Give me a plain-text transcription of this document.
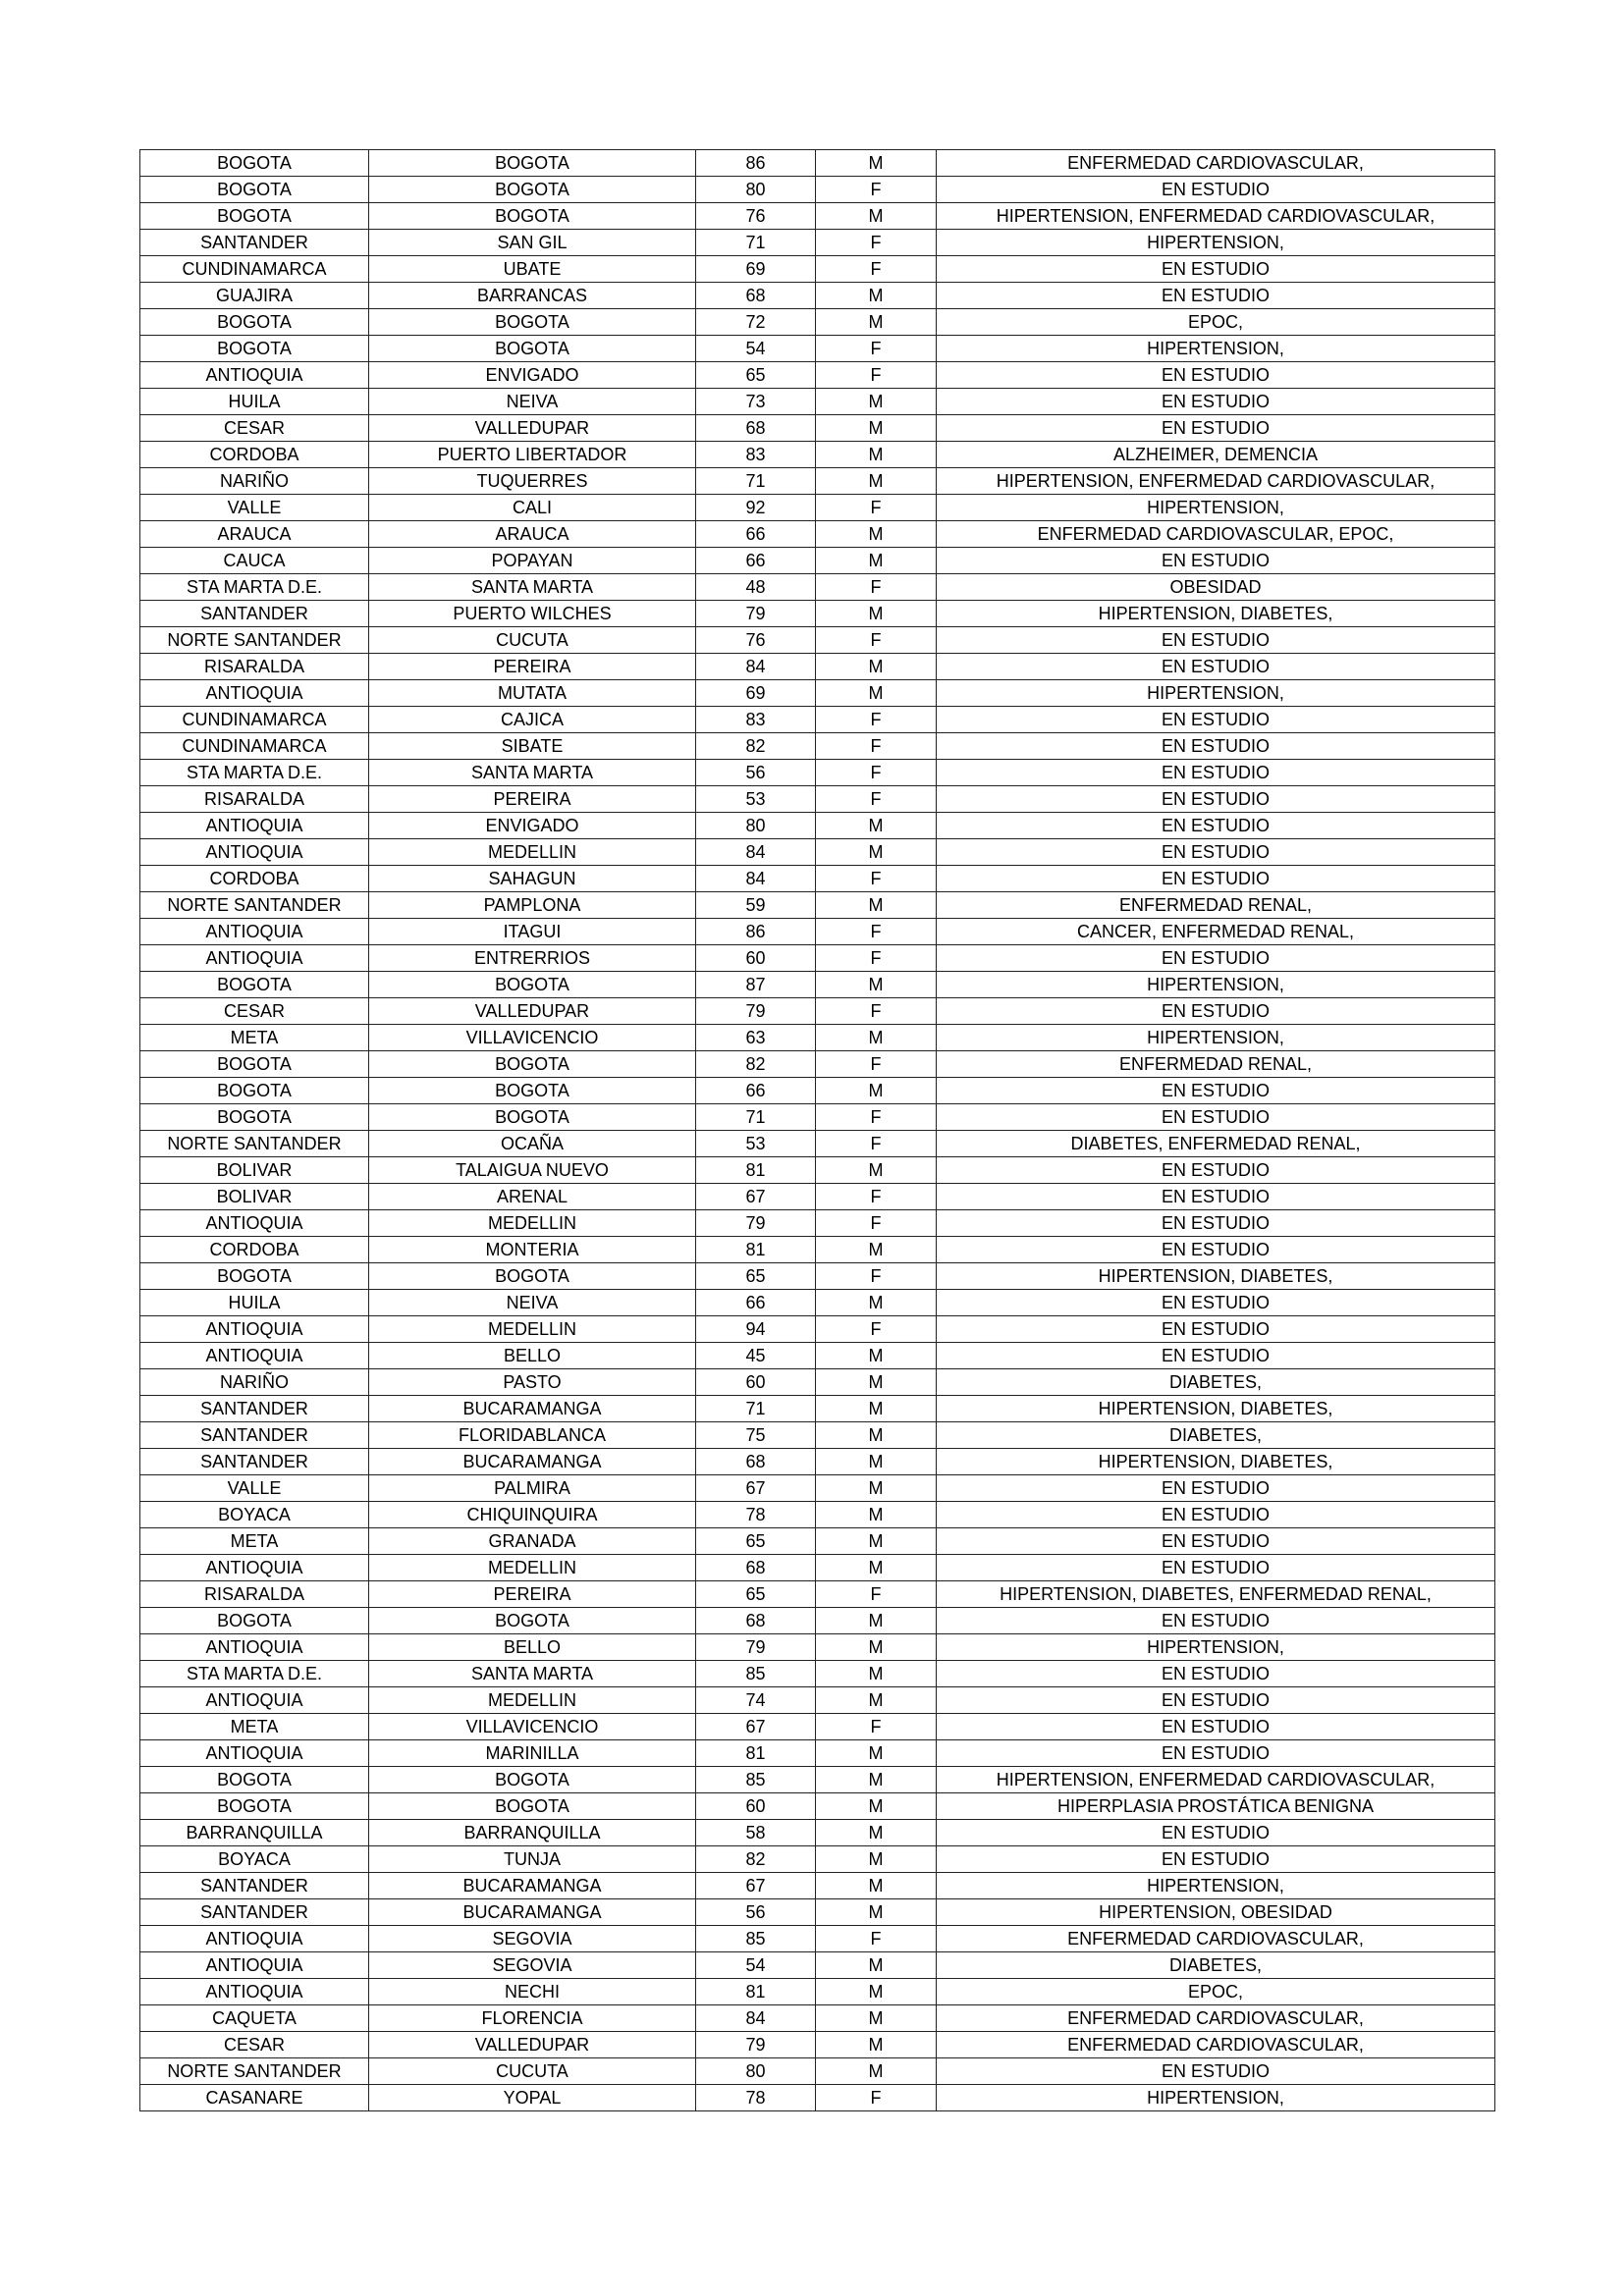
BOGOTA	BOGOTA	86	M	ENFERMEDAD CARDIOVASCULAR,
BOGOTA	BOGOTA	80	F	EN ESTUDIO
BOGOTA	BOGOTA	76	M	HIPERTENSION, ENFERMEDAD CARDIOVASCULAR,
SANTANDER	SAN GIL	71	F	HIPERTENSION,
CUNDINAMARCA	UBATE	69	F	EN ESTUDIO
GUAJIRA	BARRANCAS	68	M	EN ESTUDIO
BOGOTA	BOGOTA	72	M	EPOC,
BOGOTA	BOGOTA	54	F	HIPERTENSION,
ANTIOQUIA	ENVIGADO	65	F	EN ESTUDIO
HUILA	NEIVA	73	M	EN ESTUDIO
CESAR	VALLEDUPAR	68	M	EN ESTUDIO
CORDOBA	PUERTO LIBERTADOR	83	M	ALZHEIMER, DEMENCIA
NARIÑO	TUQUERRES	71	M	HIPERTENSION, ENFERMEDAD CARDIOVASCULAR,
VALLE	CALI	92	F	HIPERTENSION,
ARAUCA	ARAUCA	66	M	ENFERMEDAD CARDIOVASCULAR, EPOC,
CAUCA	POPAYAN	66	M	EN ESTUDIO
STA MARTA D.E.	SANTA MARTA	48	F	OBESIDAD
SANTANDER	PUERTO WILCHES	79	M	HIPERTENSION, DIABETES,
NORTE SANTANDER	CUCUTA	76	F	EN ESTUDIO
RISARALDA	PEREIRA	84	M	EN ESTUDIO
ANTIOQUIA	MUTATA	69	M	HIPERTENSION,
CUNDINAMARCA	CAJICA	83	F	EN ESTUDIO
CUNDINAMARCA	SIBATE	82	F	EN ESTUDIO
STA MARTA D.E.	SANTA MARTA	56	F	EN ESTUDIO
RISARALDA	PEREIRA	53	F	EN ESTUDIO
ANTIOQUIA	ENVIGADO	80	M	EN ESTUDIO
ANTIOQUIA	MEDELLIN	84	M	EN ESTUDIO
CORDOBA	SAHAGUN	84	F	EN ESTUDIO
NORTE SANTANDER	PAMPLONA	59	M	ENFERMEDAD RENAL,
ANTIOQUIA	ITAGUI	86	F	CANCER, ENFERMEDAD RENAL,
ANTIOQUIA	ENTRERRIOS	60	F	EN ESTUDIO
BOGOTA	BOGOTA	87	M	HIPERTENSION,
CESAR	VALLEDUPAR	79	F	EN ESTUDIO
META	VILLAVICENCIO	63	M	HIPERTENSION,
BOGOTA	BOGOTA	82	F	ENFERMEDAD RENAL,
BOGOTA	BOGOTA	66	M	EN ESTUDIO
BOGOTA	BOGOTA	71	F	EN ESTUDIO
NORTE SANTANDER	OCAÑA	53	F	DIABETES, ENFERMEDAD RENAL,
BOLIVAR	TALAIGUA NUEVO	81	M	EN ESTUDIO
BOLIVAR	ARENAL	67	F	EN ESTUDIO
ANTIOQUIA	MEDELLIN	79	F	EN ESTUDIO
CORDOBA	MONTERIA	81	M	EN ESTUDIO
BOGOTA	BOGOTA	65	F	HIPERTENSION, DIABETES,
HUILA	NEIVA	66	M	EN ESTUDIO
ANTIOQUIA	MEDELLIN	94	F	EN ESTUDIO
ANTIOQUIA	BELLO	45	M	EN ESTUDIO
NARIÑO	PASTO	60	M	DIABETES,
SANTANDER	BUCARAMANGA	71	M	HIPERTENSION, DIABETES,
SANTANDER	FLORIDABLANCA	75	M	DIABETES,
SANTANDER	BUCARAMANGA	68	M	HIPERTENSION, DIABETES,
VALLE	PALMIRA	67	M	EN ESTUDIO
BOYACA	CHIQUINQUIRA	78	M	EN ESTUDIO
META	GRANADA	65	M	EN ESTUDIO
ANTIOQUIA	MEDELLIN	68	M	EN ESTUDIO
RISARALDA	PEREIRA	65	F	HIPERTENSION, DIABETES, ENFERMEDAD RENAL,
BOGOTA	BOGOTA	68	M	EN ESTUDIO
ANTIOQUIA	BELLO	79	M	HIPERTENSION,
STA MARTA D.E.	SANTA MARTA	85	M	EN ESTUDIO
ANTIOQUIA	MEDELLIN	74	M	EN ESTUDIO
META	VILLAVICENCIO	67	F	EN ESTUDIO
ANTIOQUIA	MARINILLA	81	M	EN ESTUDIO
BOGOTA	BOGOTA	85	M	HIPERTENSION, ENFERMEDAD CARDIOVASCULAR,
BOGOTA	BOGOTA	60	M	HIPERPLASIA PROSTÁTICA BENIGNA
BARRANQUILLA	BARRANQUILLA	58	M	EN ESTUDIO
BOYACA	TUNJA	82	M	EN ESTUDIO
SANTANDER	BUCARAMANGA	67	M	HIPERTENSION,
SANTANDER	BUCARAMANGA	56	M	HIPERTENSION, OBESIDAD
ANTIOQUIA	SEGOVIA	85	F	ENFERMEDAD CARDIOVASCULAR,
ANTIOQUIA	SEGOVIA	54	M	DIABETES,
ANTIOQUIA	NECHI	81	M	EPOC,
CAQUETA	FLORENCIA	84	M	ENFERMEDAD CARDIOVASCULAR,
CESAR	VALLEDUPAR	79	M	ENFERMEDAD CARDIOVASCULAR,
NORTE SANTANDER	CUCUTA	80	M	EN ESTUDIO
CASANARE	YOPAL	78	F	HIPERTENSION,
